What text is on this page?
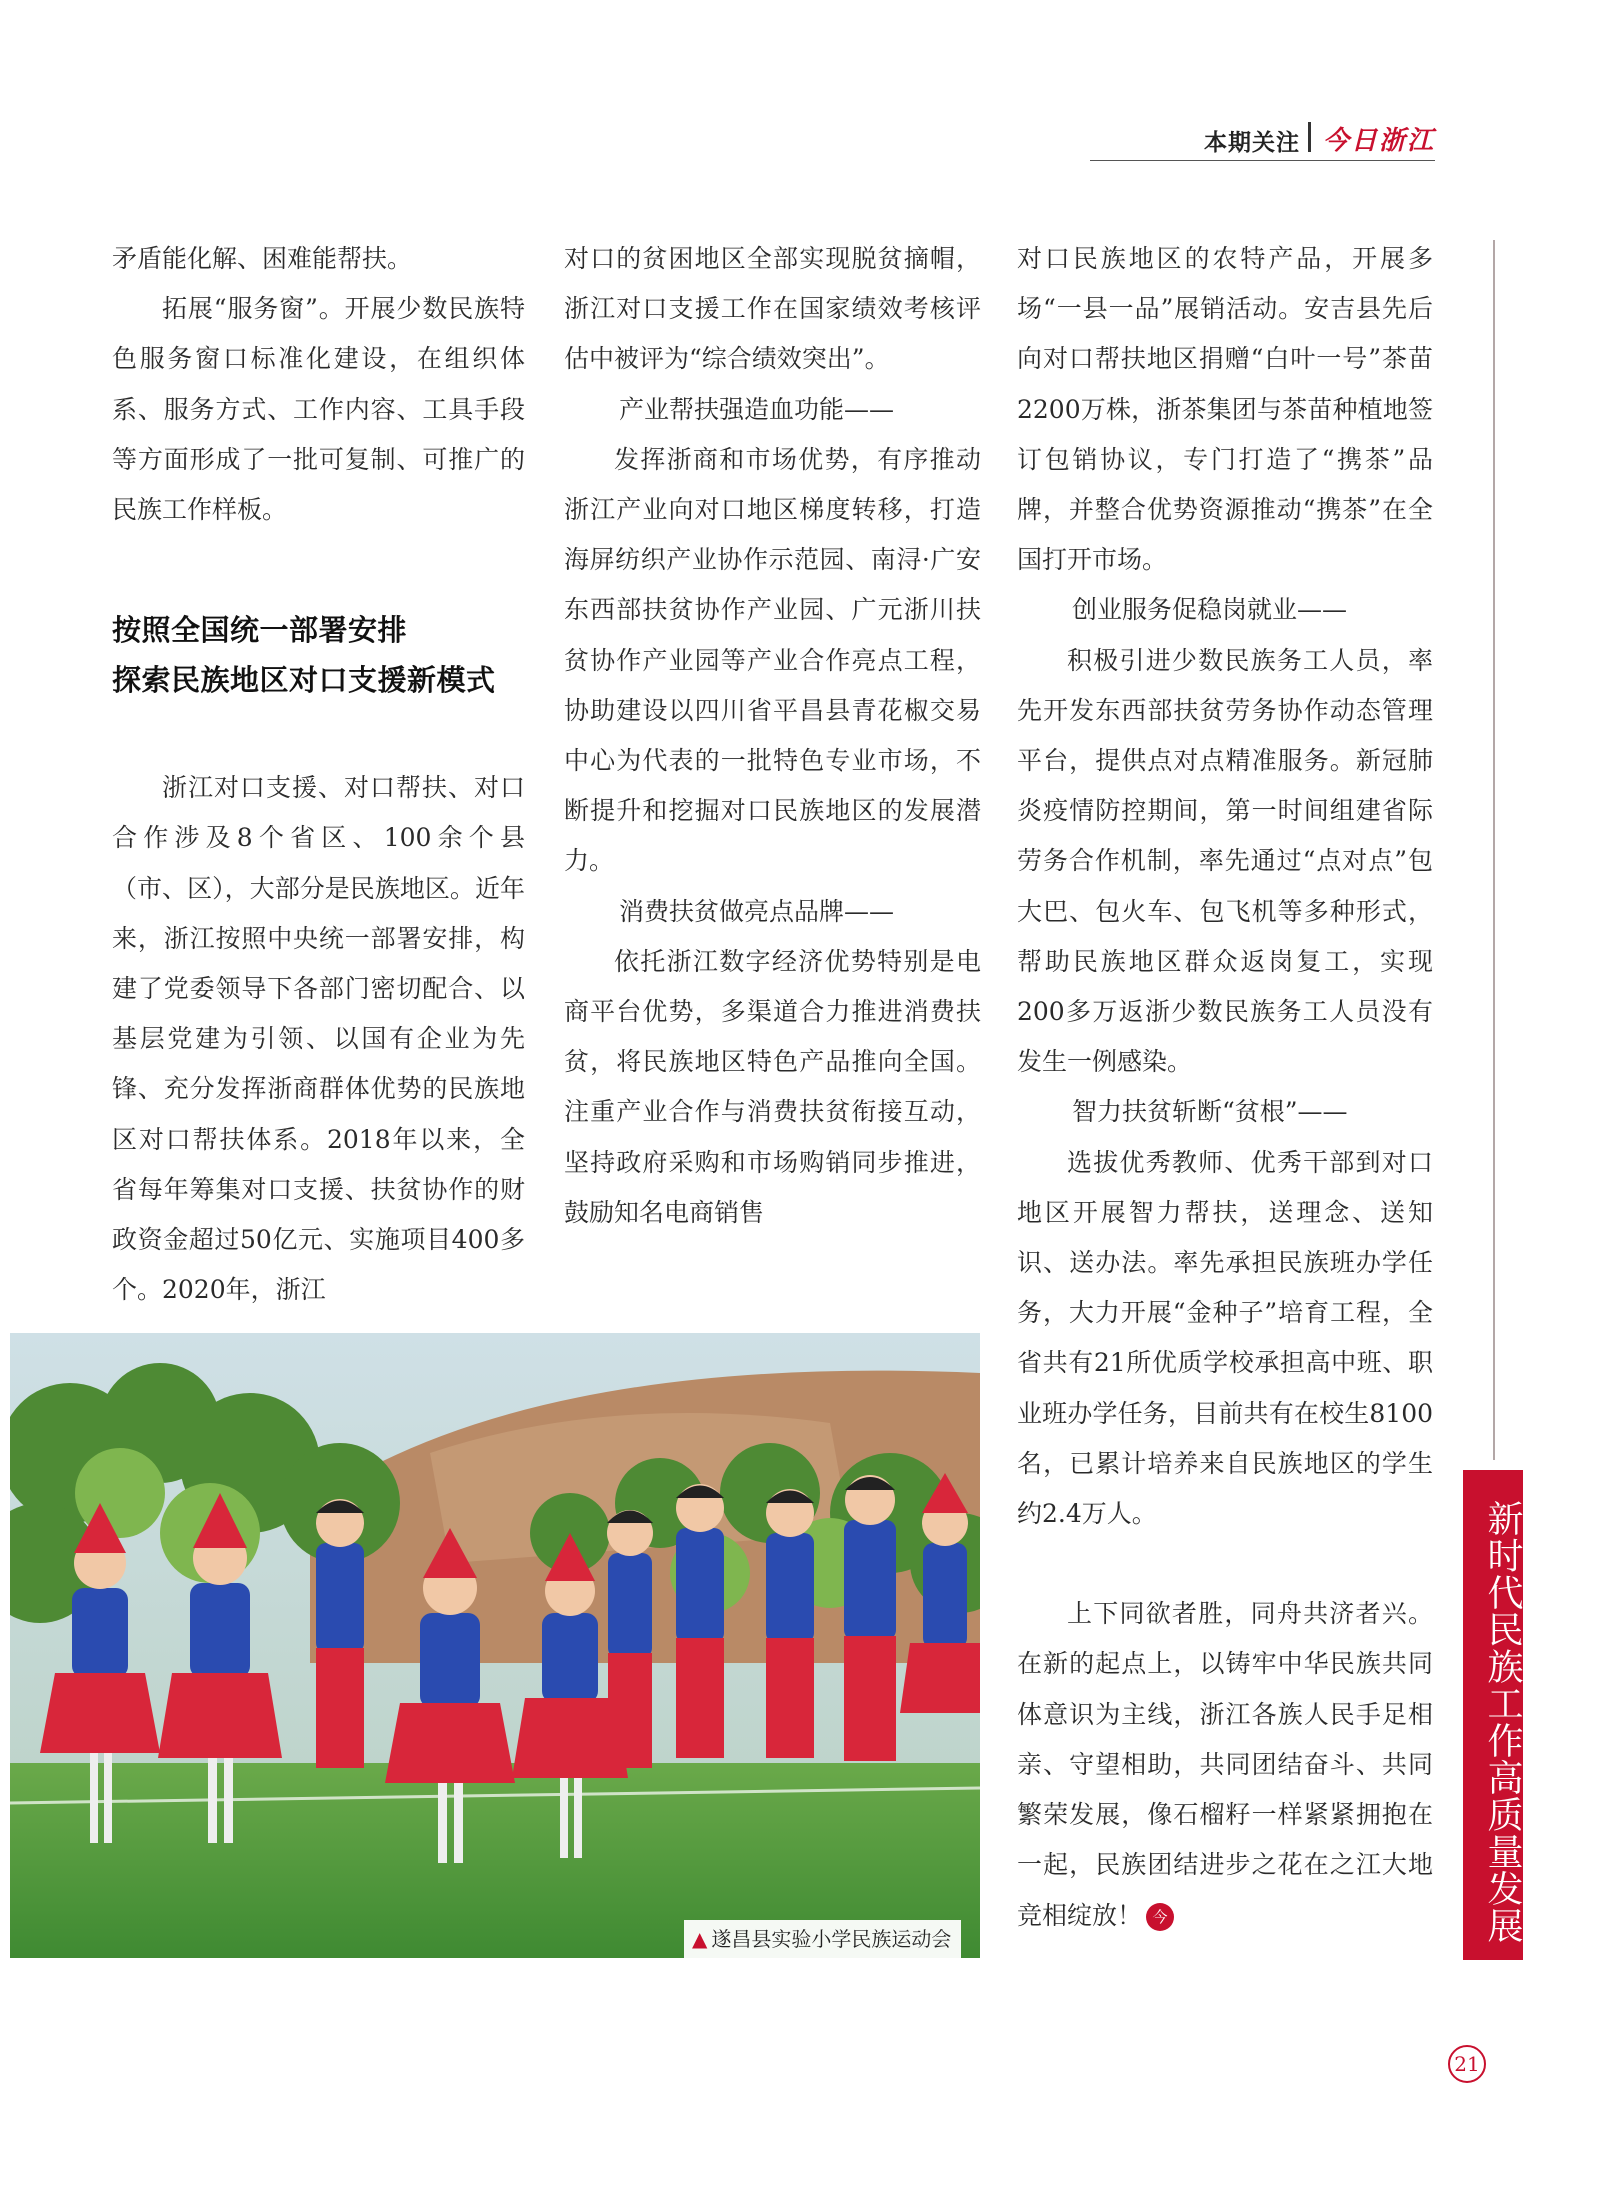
本期关注 今日浙江

矛盾能化解、困难能帮扶。

拓展“服务窗”。开展少数民族特色服务窗口标准化建设，在组织体系、服务方式、工作内容、工具手段等方面形成了一批可复制、可推广的民族工作样板。

按照全国统一部署安排

探索民族地区对口支援新模式

浙江对口支援、对口帮扶、对口合作涉及8个省区、100余个县（市、区），大部分是民族地区。近年来，浙江按照中央统一部署安排，构建了党委领导下各部门密切配合、以基层党建为引领、以国有企业为先锋、充分发挥浙商群体优势的民族地区对口帮扶体系。2018年以来，全省每年筹集对口支援、扶贫协作的财政资金超过50亿元、实施项目400多个。2020年，浙江

对口的贫困地区全部实现脱贫摘帽，浙江对口支援工作在国家绩效考核评估中被评为“综合绩效突出”。

产业帮扶强造血功能——

发挥浙商和市场优势，有序推动浙江产业向对口地区梯度转移，打造海屏纺织产业协作示范园、南浔·广安东西部扶贫协作产业园、广元浙川扶贫协作产业园等产业合作亮点工程，协助建设以四川省平昌县青花椒交易中心为代表的一批特色专业市场，不断提升和挖掘对口民族地区的发展潜力。

消费扶贫做亮点品牌——

依托浙江数字经济优势特别是电商平台优势，多渠道合力推进消费扶贫，将民族地区特色产品推向全国。注重产业合作与消费扶贫衔接互动，坚持政府采购和市场购销同步推进，鼓励知名电商销售

对口民族地区的农特产品，开展多场“一县一品”展销活动。安吉县先后向对口帮扶地区捐赠“白叶一号”茶苗2200万株，浙茶集团与茶苗种植地签订包销协议，专门打造了“携茶”品牌，并整合优势资源推动“携茶”在全国打开市场。

创业服务促稳岗就业——

积极引进少数民族务工人员，率先开发东西部扶贫劳务协作动态管理平台，提供点对点精准服务。新冠肺炎疫情防控期间，第一时间组建省际劳务合作机制，率先通过“点对点”包大巴、包火车、包飞机等多种形式，帮助民族地区群众返岗复工，实现200多万返浙少数民族务工人员没有发生一例感染。

智力扶贫斩断“贫根”——

选拔优秀教师、优秀干部到对口地区开展智力帮扶，送理念、送知识、送办法。率先承担民族班办学任务，大力开展“金种子”培育工程，全省共有21所优质学校承担高中班、职业班办学任务，目前共有在校生8100名，已累计培养来自民族地区的学生约2.4万人。

上下同欲者胜，同舟共济者兴。在新的起点上，以铸牢中华民族共同体意识为主线，浙江各族人民手足相亲、守望相助，共同团结奋斗、共同繁荣发展，像石榴籽一样紧紧拥抱在一起，民族团结进步之花在之江大地竞相绽放！ 今	新时代民族工作高质量发展
▲ 遂昌县实验小学民族运动会
21
